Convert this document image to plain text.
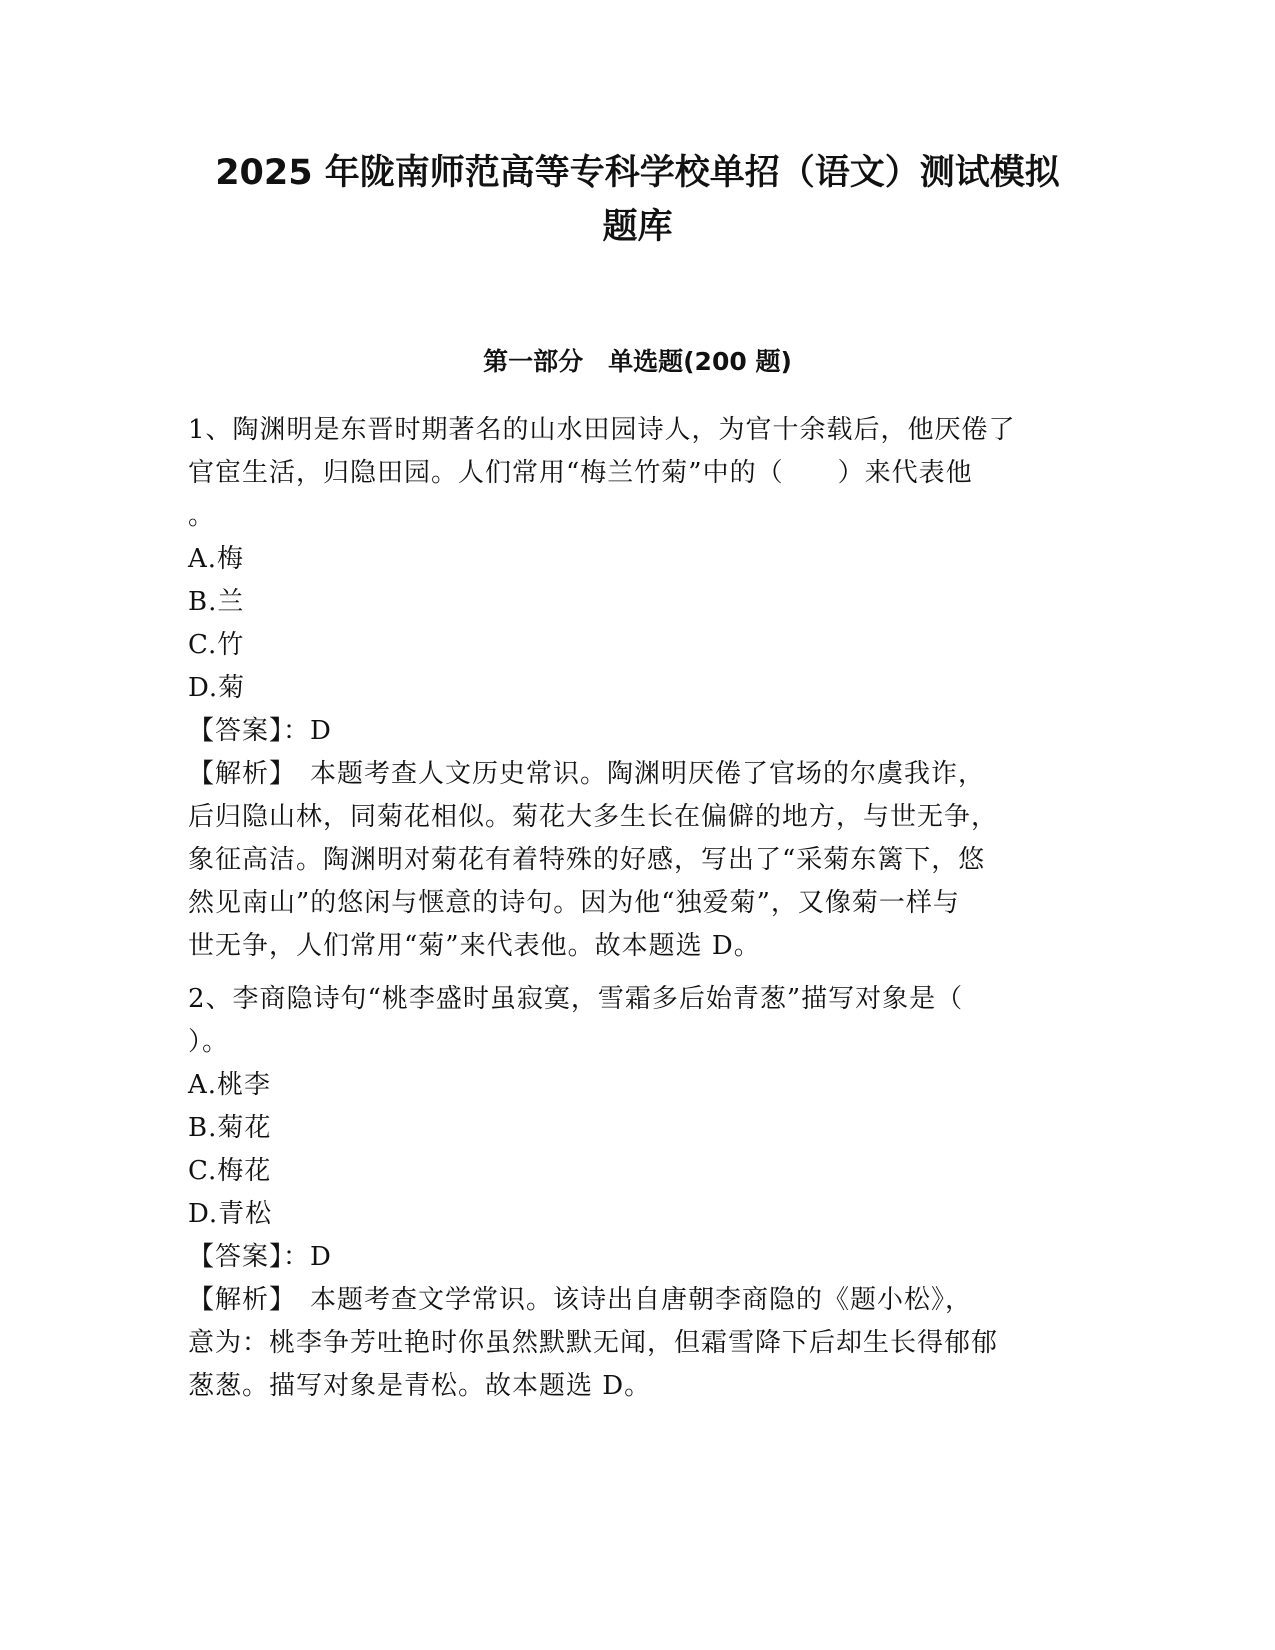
2025 年陇南师范高等专科学校单招（语文）测试模拟
题库
第一部分　单选题(200 题)

1、陶渊明是东晋时期著名的山水田园诗人，为官十余载后，他厌倦了

官宦生活，归隐田园。人们常用“梅兰竹菊”中的（　　）来代表他

。

A.梅

B.兰

C.竹

D.菊

【答案】：D

【解析】　本题考查人文历史常识。陶渊明厌倦了官场的尔虞我诈，

后归隐山林，同菊花相似。菊花大多生长在偏僻的地方，与世无争，

象征高洁。陶渊明对菊花有着特殊的好感，写出了“采菊东篱下，悠

然见南山”的悠闲与惬意的诗句。因为他“独爱菊”，又像菊一样与

世无争，人们常用“菊”来代表他。故本题选 D。

2、李商隐诗句“桃李盛时虽寂寞，雪霜多后始青葱”描写对象是（

）。

A.桃李

B.菊花

C.梅花

D.青松

【答案】：D

【解析】　本题考查文学常识。该诗出自唐朝李商隐的《题小松》，

意为：桃李争芳吐艳时你虽然默默无闻，但霜雪降下后却生长得郁郁

葱葱。描写对象是青松。故本题选 D。
